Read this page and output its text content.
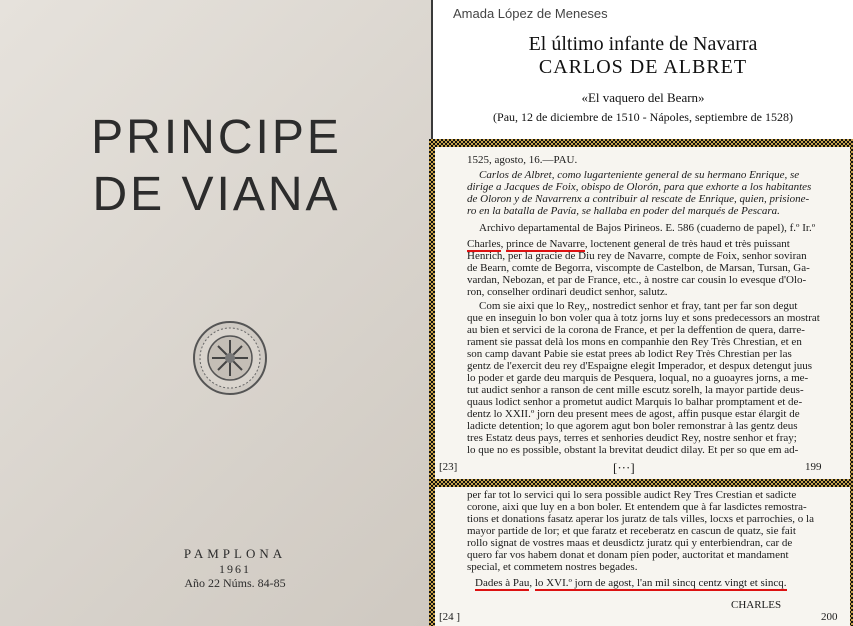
PRINCIPE
DE VIANA
PAMPLONA
1961
Año 22 Núms. 84-85
Amada López de Meneses
El último infante de Navarra
CARLOS DE ALBRET
«El vaquero del Bearn»
(Pau, 12 de diciembre de 1510 - Nápoles, septiembre de 1528)
1525, agosto, 16.—PAU.
Carlos de Albret, como lugarteniente general de su hermano Enrique, se
dirige a Jacques de Foix, obispo de Olorón, para que exhorte a los habitantes
de Oloron y de Navarrenx a contribuir al rescate de Enrique, quien, prisione-
ro en la batalla de Pavía, se hallaba en poder del marqués de Pescara.
Archivo departamental de Bajos Pirineos. E. 586 (cuaderno de papel), f.º Ir.º
Charles, prince de Navarre, loctenent general de très haud et très puissant
Henrich, per la gracie de Diu rey de Navarre, compte de Foix, senhor soviran
de Bearn, comte de Begorra, viscompte de Castelbon, de Marsan, Tursan, Ga-
vardan, Nebozan, et par de France, etc., à nostre car cousin lo evesque d'Olo-
ron, conselher ordinari deudict senhor, salutz.
Com sie aixi que lo Rey,, nostredict senhor et fray, tant per far son degut
que en inseguin lo bon voler qua à totz jorns luy et sons predecessors an mostrat
au bien et servici de la corona de France, et per la deffention de quera, darre-
rament sie passat delà los mons en companhie den Rey Très Chrestian, et en
son camp davant Pabie sie estat prees ab lodict Rey Très Chrestian per las
gentz de l'exercit deu rey d'Espaigne elegit Imperador, et despux detengut juus
lo poder et garde deu marquis de Pesquera, loqual, no a guoayres jorns, a me-
tut audict senhor a ranson de cent mille escutz sorelh, la mayor partide deus-
quaus lodict senhor a prometut audict Marquis lo balhar promptament et de-
dentz lo XXII.º jorn deu present mees de agost, affin pusque estar élargit de
ladicte detention; lo que agorem agut bon boler remonstrar à las gentz deus
tres Estatz deus pays, terres et senhories deudict Rey, nostre senhor et fray;
lo que no es possible, obstant la brevitat deudict dilay. Et per so que em ad-
[23]	[···]	199
per far tot lo servici qui lo sera possible audict Rey Tres Crestian et sadicte
corone, aixi que luy en a bon boler. Et entendem que à far lasdictes remostra-
tions et donations fasatz aperar los juratz de tals villes, locxs et parrochies, o la
mayor partide de lor; et que faratz et receberatz en cascun de quatz, sie fait
rollo signat de vostres maas et deusdictz juratz qui y enterbiendran, car de
quero far vos habem donat et donam píen poder, auctoritat et mandament
special, et commetem nostres begades.
Dades à Pau, lo XVI.º jorn de agost, l'an mil sincq centz vingt et sincq.
CHARLES
[24 ]	200
